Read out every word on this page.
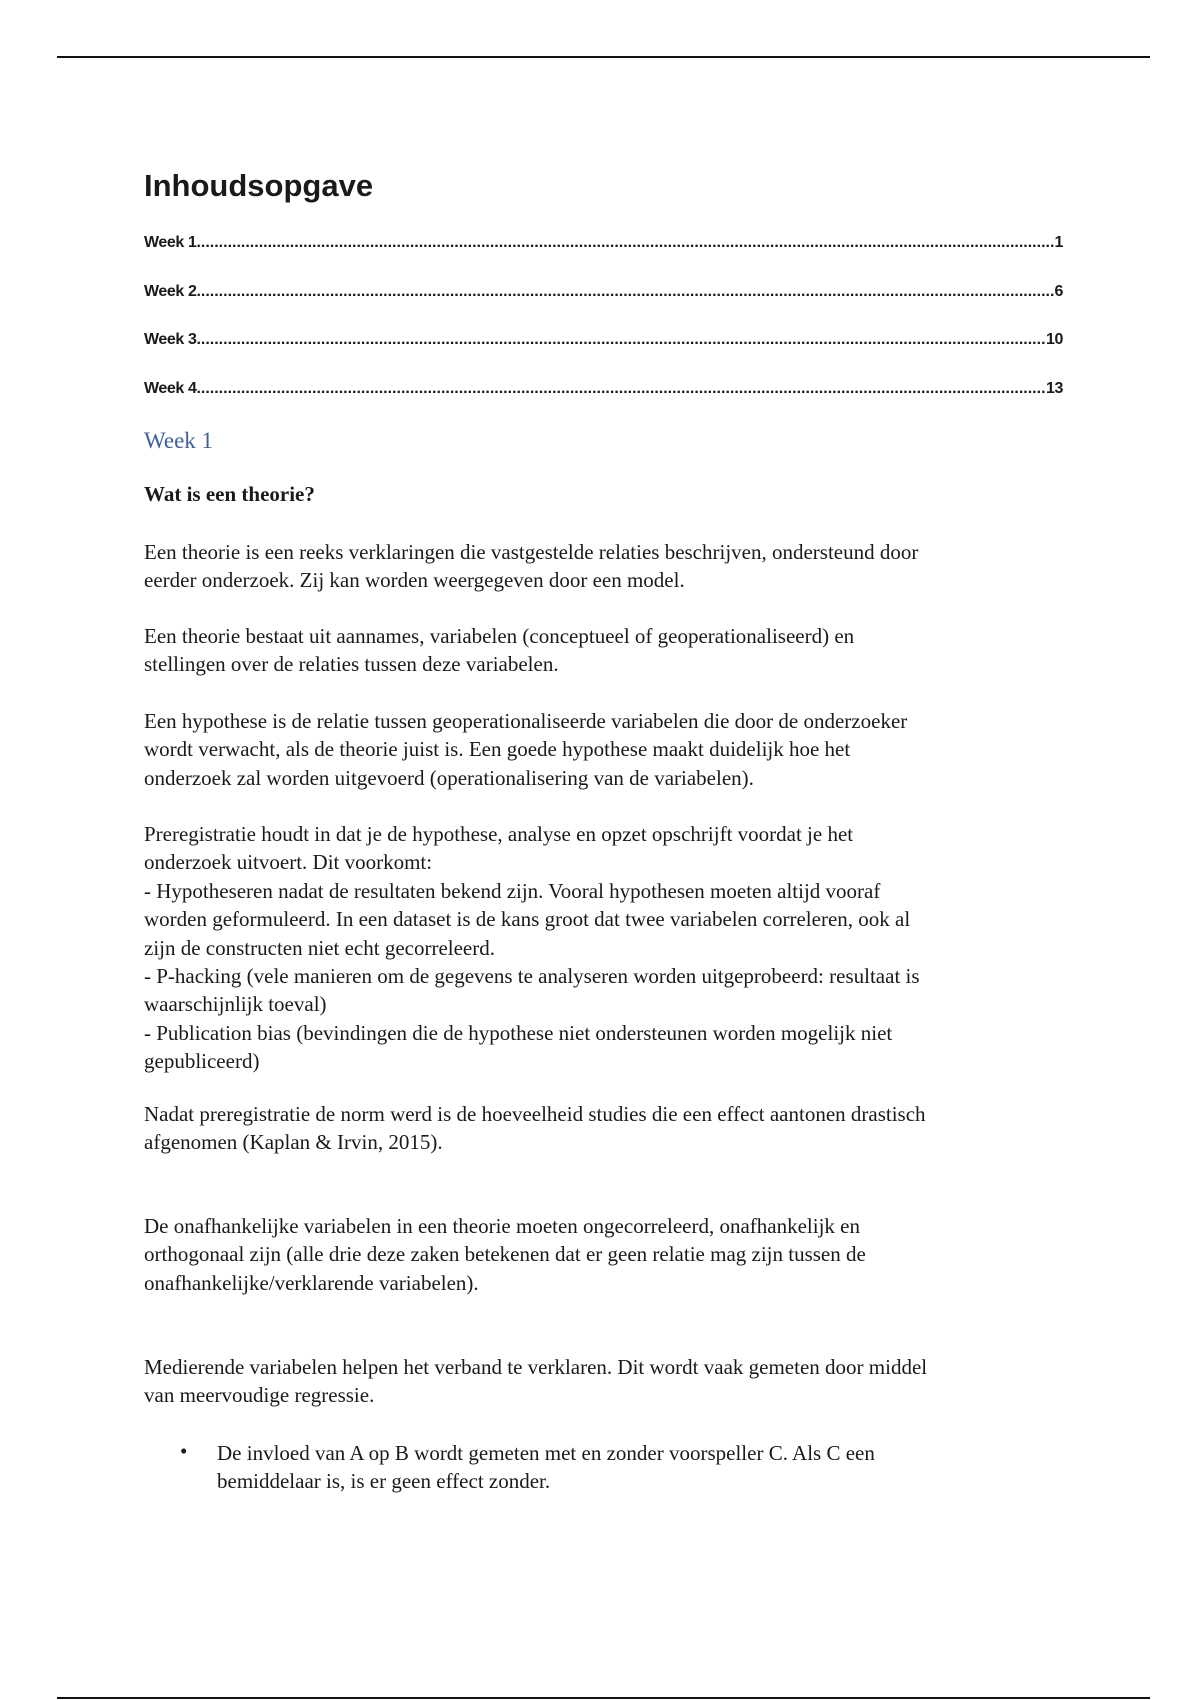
Inhoudsopgave
Week 1 .....	1
Week 2 .....	6
Week 3 .....	10
Week 4 .....	13
Week 1
Wat is een theorie?
Een theorie is een reeks verklaringen die vastgestelde relaties beschrijven, ondersteund door
eerder onderzoek. Zij kan worden weergegeven door een model.
Een theorie bestaat uit aannames, variabelen (conceptueel of geoperationaliseerd) en
stellingen over de relaties tussen deze variabelen.
Een hypothese is de relatie tussen geoperationaliseerde variabelen die door de onderzoeker
wordt verwacht, als de theorie juist is. Een goede hypothese maakt duidelijk hoe het
onderzoek zal worden uitgevoerd (operationalisering van de variabelen).
Preregistratie houdt in dat je de hypothese, analyse en opzet opschrijft voordat je het
onderzoek uitvoert. Dit voorkomt:
- Hypotheseren nadat de resultaten bekend zijn. Vooral hypothesen moeten altijd vooraf
worden geformuleerd. In een dataset is de kans groot dat twee variabelen correleren, ook al
zijn de constructen niet echt gecorreleerd.
- P-hacking (vele manieren om de gegevens te analyseren worden uitgeprobeerd: resultaat is
waarschijnlijk toeval)
- Publication bias (bevindingen die de hypothese niet ondersteunen worden mogelijk niet
gepubliceerd)
Nadat preregistratie de norm werd is de hoeveelheid studies die een effect aantonen drastisch
afgenomen (Kaplan & Irvin, 2015).
De onafhankelijke variabelen in een theorie moeten ongecorreleerd, onafhankelijk en
orthogonaal zijn (alle drie deze zaken betekenen dat er geen relatie mag zijn tussen de
onafhankelijke/verklarende variabelen).
Medierende variabelen helpen het verband te verklaren. Dit wordt vaak gemeten door middel
van meervoudige regressie.
• De invloed van A op B wordt gemeten met en zonder voorspeller C. Als C een
bemiddelaar is, is er geen effect zonder.
